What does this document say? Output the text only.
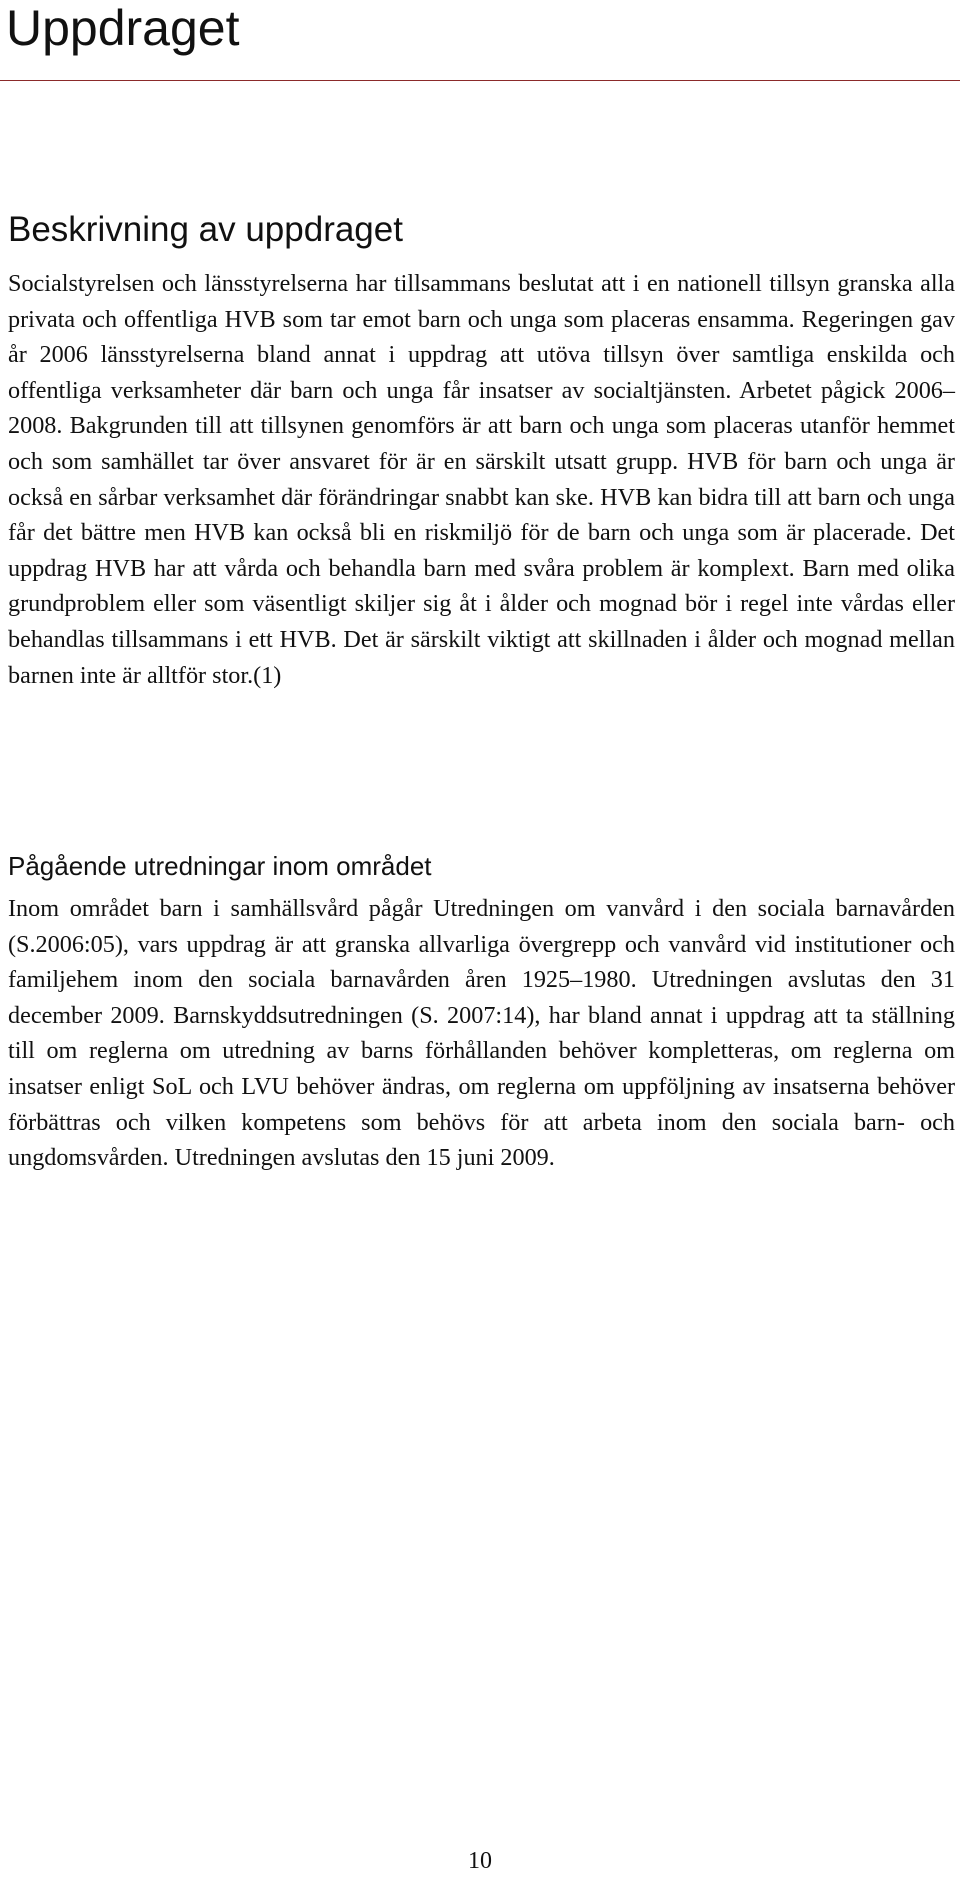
Uppdraget
Beskrivning av uppdraget

Socialstyrelsen och länsstyrelserna har tillsammans beslutat att i en nationell tillsyn granska alla privata och offentliga HVB som tar emot barn och unga som placeras ensamma. Regeringen gav år 2006 länsstyrelserna bland annat i uppdrag att utöva tillsyn över samtliga enskilda och offentliga verksamheter där barn och unga får insatser av socialtjänsten. Arbetet pågick 2006–2008. Bakgrunden till att tillsynen genomförs är att barn och unga som placeras utanför hemmet och som samhället tar över ansvaret för är en särskilt utsatt grupp. HVB för barn och unga är också en sårbar verksamhet där förändringar snabbt kan ske. HVB kan bidra till att barn och unga får det bättre men HVB kan också bli en riskmiljö för de barn och unga som är placerade. Det uppdrag HVB har att vårda och behandla barn med svåra problem är komplext. Barn med olika grundproblem eller som väsentligt skiljer sig åt i ålder och mognad bör i regel inte vårdas eller behandlas tillsammans i ett HVB. Det är särskilt viktigt att skillnaden i ålder och mognad mellan barnen inte är alltför stor.(1)

Pågående utredningar inom området

Inom området barn i samhällsvård pågår Utredningen om vanvård i den sociala barnavården (S.2006:05), vars uppdrag är att granska allvarliga övergrepp och vanvård vid institutioner och familjehem inom den sociala barnavården åren 1925–1980. Utredningen avslutas den 31 december 2009. Barnskyddsutredningen (S. 2007:14), har bland annat i uppdrag att ta ställning till om reglerna om utredning av barns förhållanden behöver kompletteras, om reglerna om insatser enligt SoL och LVU behöver ändras, om reglerna om uppföljning av insatserna behöver förbättras och vilken kompetens som behövs för att arbeta inom den sociala barn- och ungdomsvården. Utredningen avslutas den 15 juni 2009.

10
